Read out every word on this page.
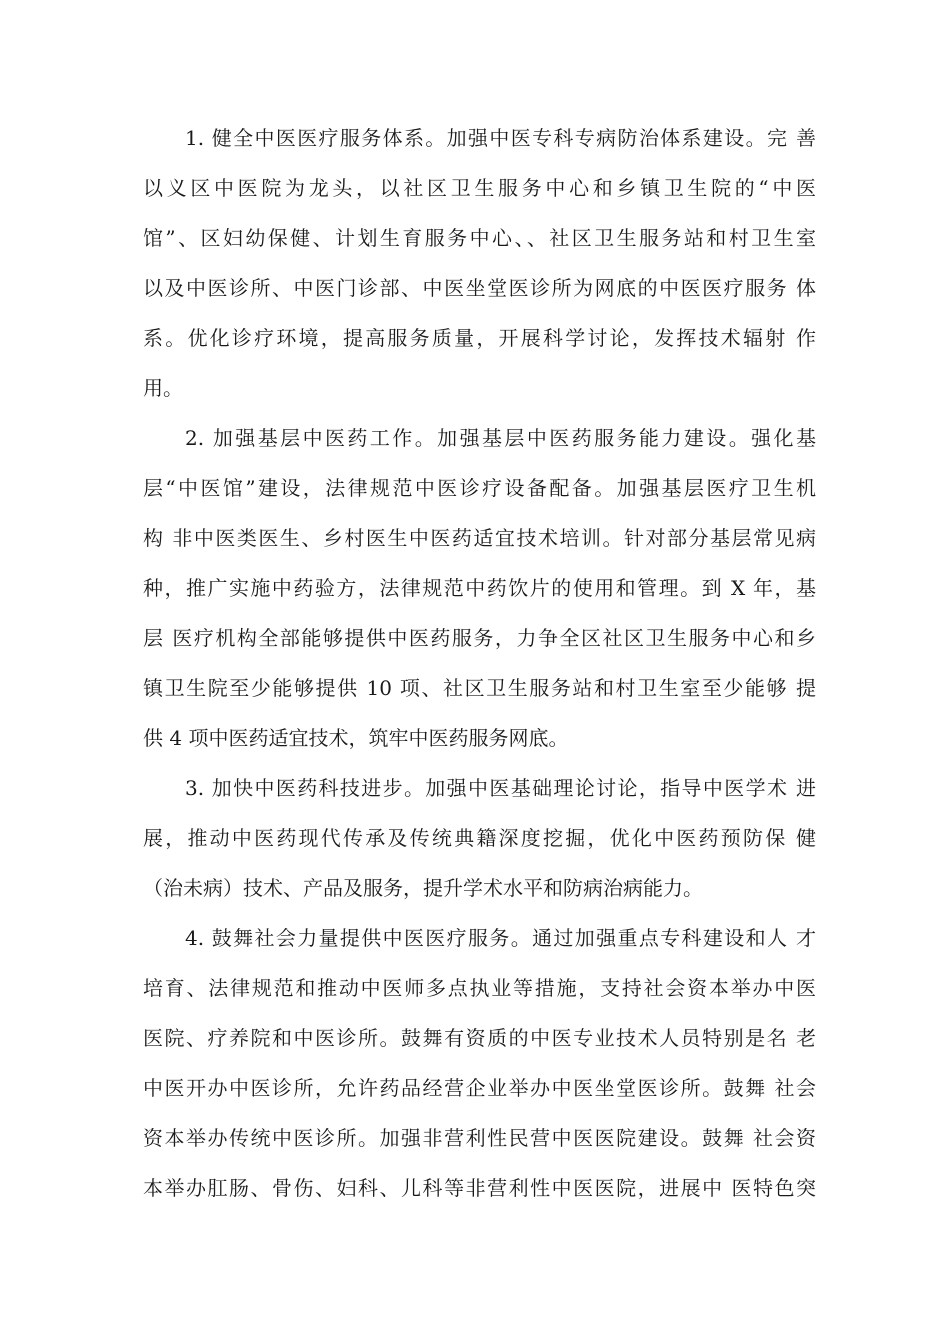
1. 健全中医医疗服务体系。加强中医专科专病防治体系建设。完 善
以义区中医院为龙头，以社区卫生服务中心和乡镇卫生院的“中医
馆”、区妇幼保健、计划生育服务中心、、社区卫生服务站和村卫生室
以及中医诊所、中医门诊部、中医坐堂医诊所为网底的中医医疗服务 体
系。优化诊疗环境，提高服务质量，开展科学讨论，发挥技术辐射 作
用。
2. 加强基层中医药工作。加强基层中医药服务能力建设。强化基
层“中医馆”建设，法律规范中医诊疗设备配备。加强基层医疗卫生机
构 非中医类医生、乡村医生中医药适宜技术培训。针对部分基层常见病
种，推广实施中药验方，法律规范中药饮片的使用和管理。到 X 年，基
层 医疗机构全部能够提供中医药服务，力争全区社区卫生服务中心和乡
镇卫生院至少能够提供 10 项、社区卫生服务站和村卫生室至少能够 提
供 4 项中医药适宜技术，筑牢中医药服务网底。
3. 加快中医药科技进步。加强中医基础理论讨论，指导中医学术 进
展，推动中医药现代传承及传统典籍深度挖掘，优化中医药预防保 健
（治未病）技术、产品及服务，提升学术水平和防病治病能力。
4. 鼓舞社会力量提供中医医疗服务。通过加强重点专科建设和人 才
培育、法律规范和推动中医师多点执业等措施，支持社会资本举办中医
医院、疗养院和中医诊所。鼓舞有资质的中医专业技术人员特别是名 老
中医开办中医诊所，允许药品经营企业举办中医坐堂医诊所。鼓舞 社会
资本举办传统中医诊所。加强非营利性民营中医医院建设。鼓舞 社会资
本举办肛肠、骨伤、妇科、儿科等非营利性中医医院，进展中 医特色突
